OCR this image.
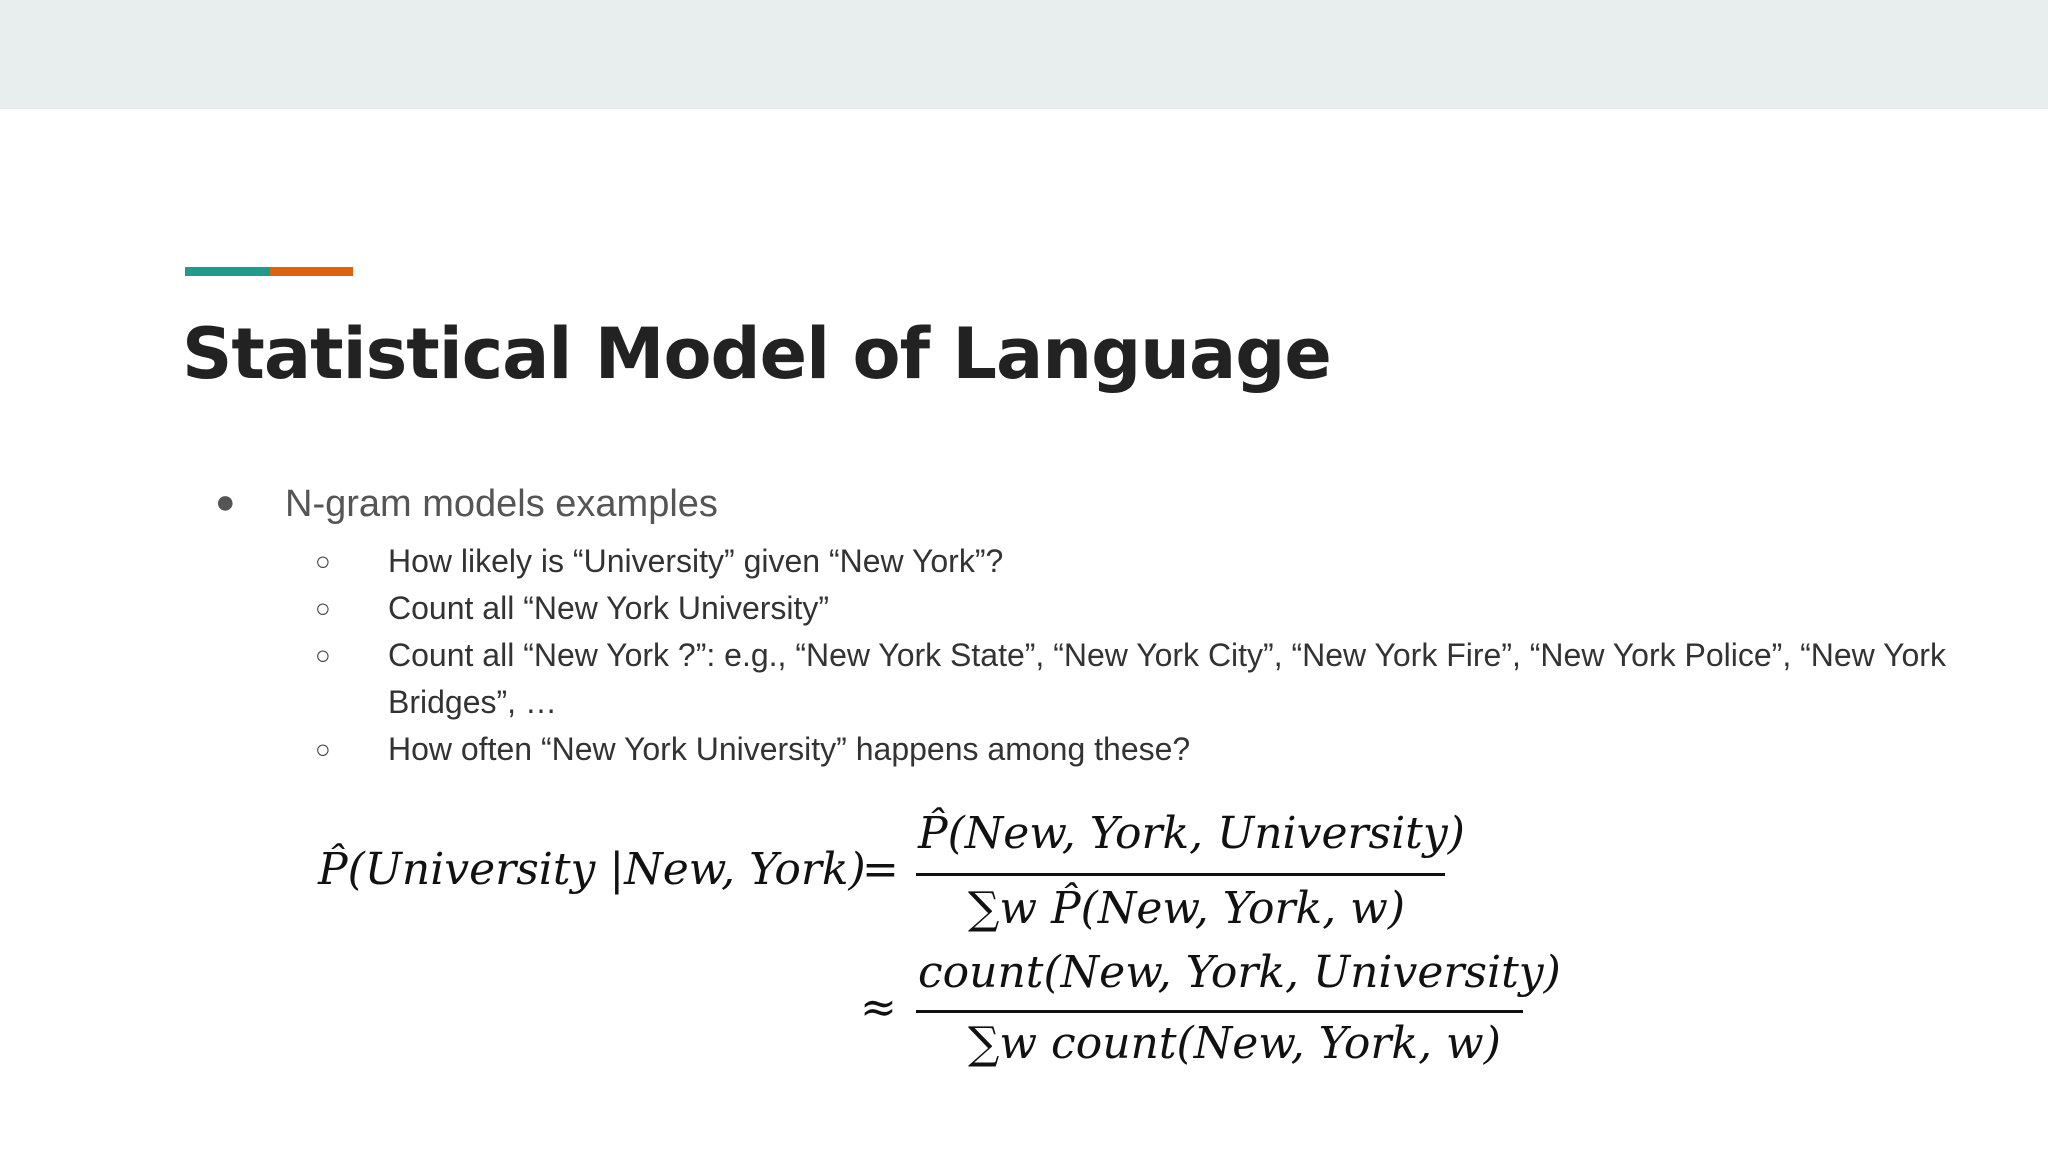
Statistical Model of Language
● N-gram models examples
○ How likely is “University” given “New York”?
○ Count all “New York University”
○ Count all “New York ?”: e.g., “New York State”, “New York City”, “New York Fire”, “New York Police”, “New York Bridges”, …
○ How often “New York University” happens among these?
P̂(University |New, York)
=
P̂(New, York, University)
∑w P̂(New, York, w)
≈
count(New, York, University)
∑w count(New, York, w)
